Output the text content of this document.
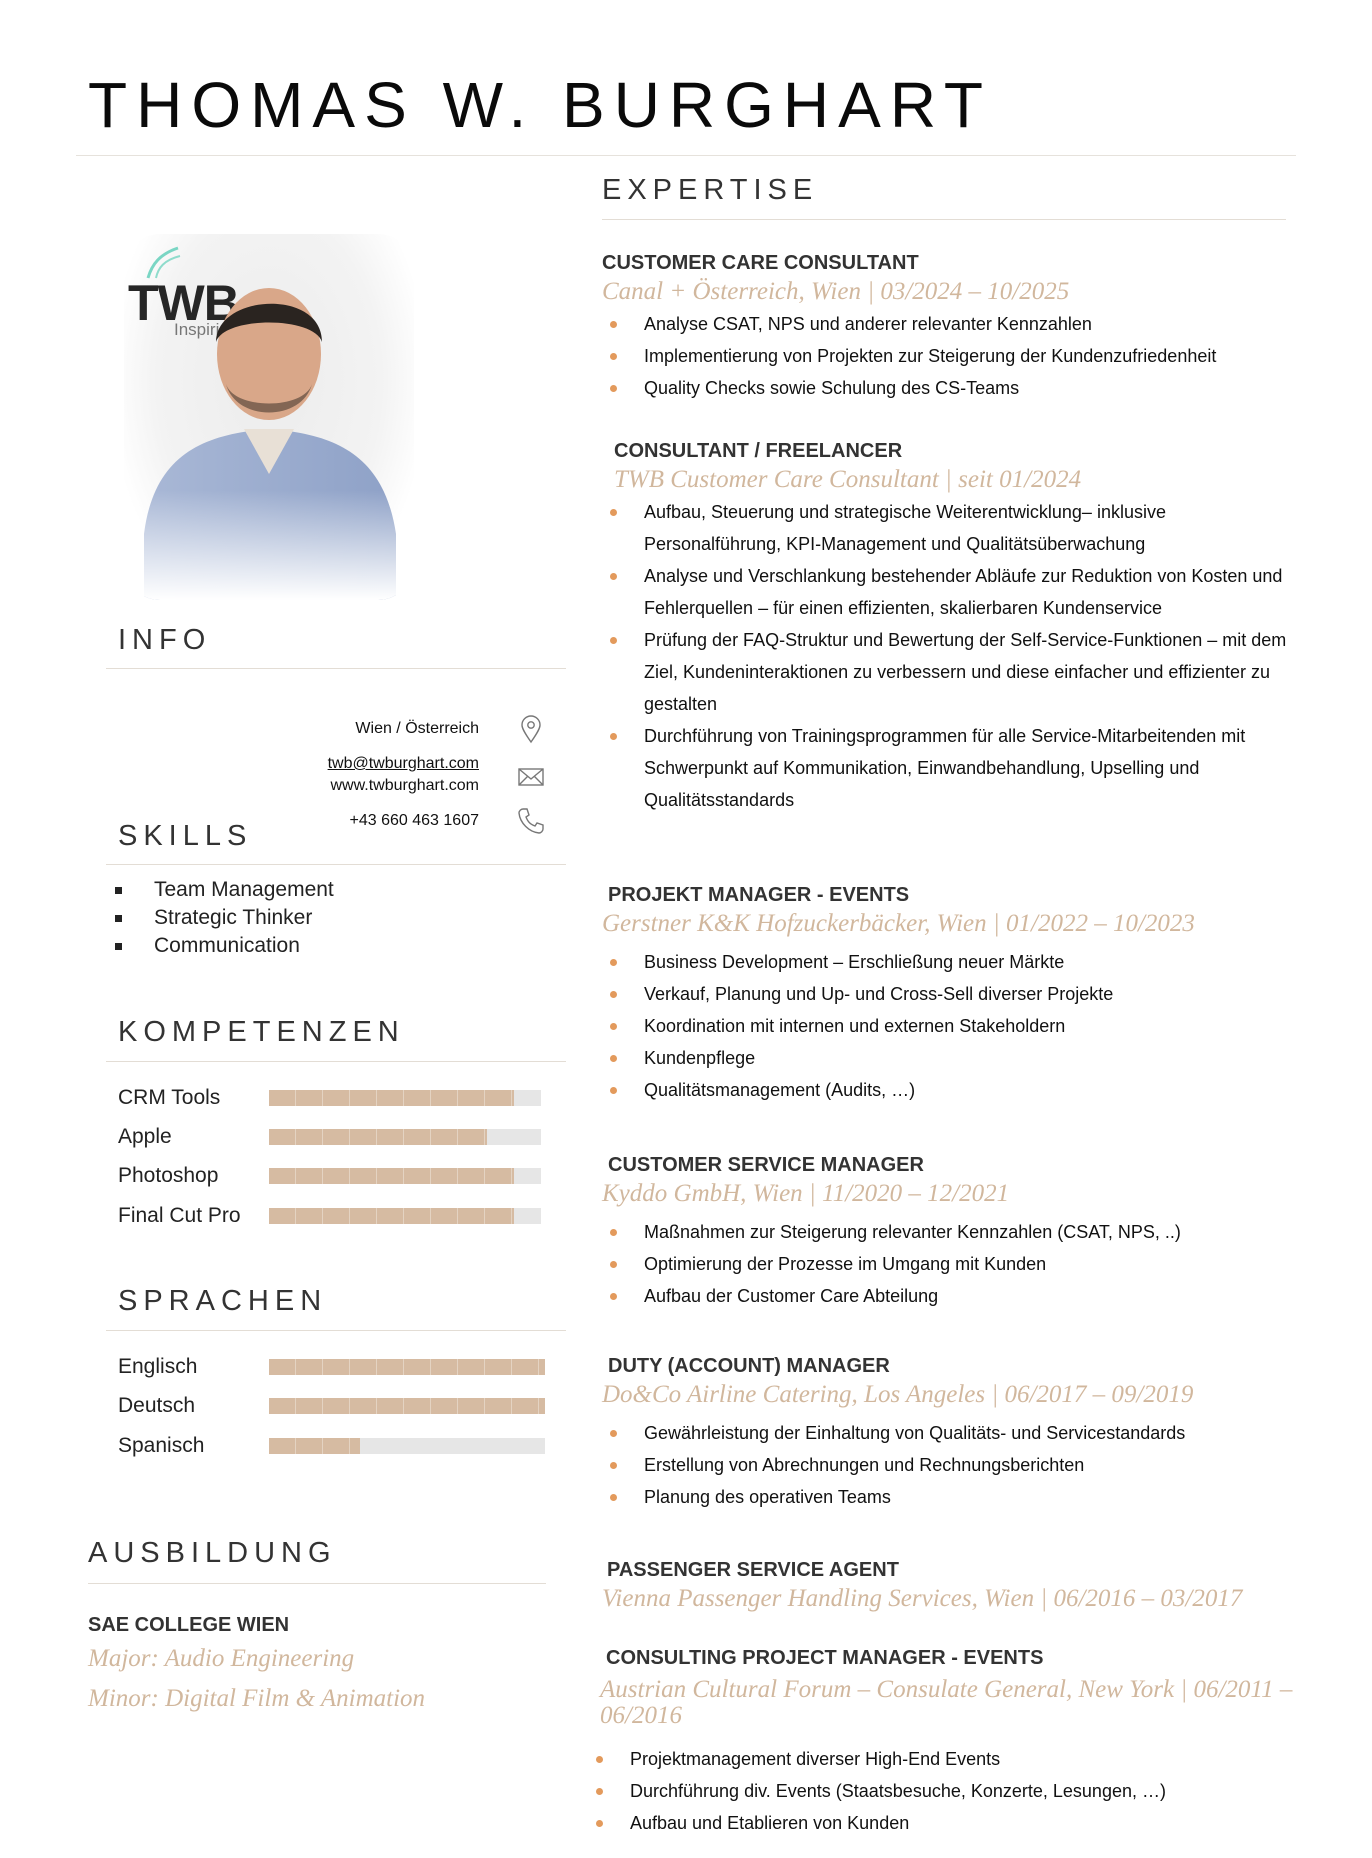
THOMAS W. BURGHART
INFO
Wien / Österreich
twb@twburghart.com
www.twburghart.com
+43 660 463 1607
SKILLS
Team Management
Strategic Thinker
Communication
KOMPETENZEN
CRM Tools
Apple
Photoshop
Final Cut Pro
SPRACHEN
Englisch
Deutsch
Spanisch
AUSBILDUNG
SAE COLLEGE WIEN
Major: Audio Engineering
Minor: Digital Film & Animation
EXPERTISE

CUSTOMER CARE CONSULTANT

Canal + Österreich, Wien | 03/2024 – 10/2025

Analyse CSAT, NPS und anderer relevanter Kennzahlen
Implementierung von Projekten zur Steigerung der Kundenzufriedenheit
Quality Checks sowie Schulung des CS-Teams

CONSULTANT / FREELANCER

TWB Customer Care Consultant | seit 01/2024

Aufbau, Steuerung und strategische Weiterentwicklung– inklusive Personalführung, KPI-Management und Qualitätsüberwachung
Analyse und Verschlankung bestehender Abläufe zur Reduktion von Kosten und Fehlerquellen – für einen effizienten, skalierbaren Kundenservice
Prüfung der FAQ-Struktur und Bewertung der Self-Service-Funktionen – mit dem Ziel, Kundeninteraktionen zu verbessern und diese einfacher und effizienter zu gestalten
Durchführung von Trainingsprogrammen für alle Service-Mitarbeitenden mit Schwerpunkt auf Kommunikation, Einwandbehandlung, Upselling und Qualitätsstandards

PROJEKT MANAGER - EVENTS

Gerstner K&K Hofzuckerbäcker, Wien | 01/2022 – 10/2023

Business Development – Erschließung neuer Märkte
Verkauf, Planung und Up- und Cross-Sell diverser Projekte
Koordination mit internen und externen Stakeholdern
Kundenpflege
Qualitätsmanagement (Audits, …)

CUSTOMER SERVICE MANAGER

Kyddo GmbH, Wien | 11/2020 – 12/2021

Maßnahmen zur Steigerung relevanter Kennzahlen (CSAT, NPS, ..)
Optimierung der Prozesse im Umgang mit Kunden
Aufbau der Customer Care Abteilung

DUTY (ACCOUNT) MANAGER

Do&Co Airline Catering, Los Angeles | 06/2017 – 09/2019

Gewährleistung der Einhaltung von Qualitäts- und Servicestandards
Erstellung von Abrechnungen und Rechnungsberichten
Planung des operativen Teams

PASSENGER SERVICE AGENT

Vienna Passenger Handling Services, Wien | 06/2016 – 03/2017

CONSULTING PROJECT MANAGER - EVENTS

Austrian Cultural Forum – Consulate General, New York | 06/2011 – 06/2016

Projektmanagement diverser High-End Events
Durchführung div. Events (Staatsbesuche, Konzerte, Lesungen, …)
Aufbau und Etablieren von Kunden
